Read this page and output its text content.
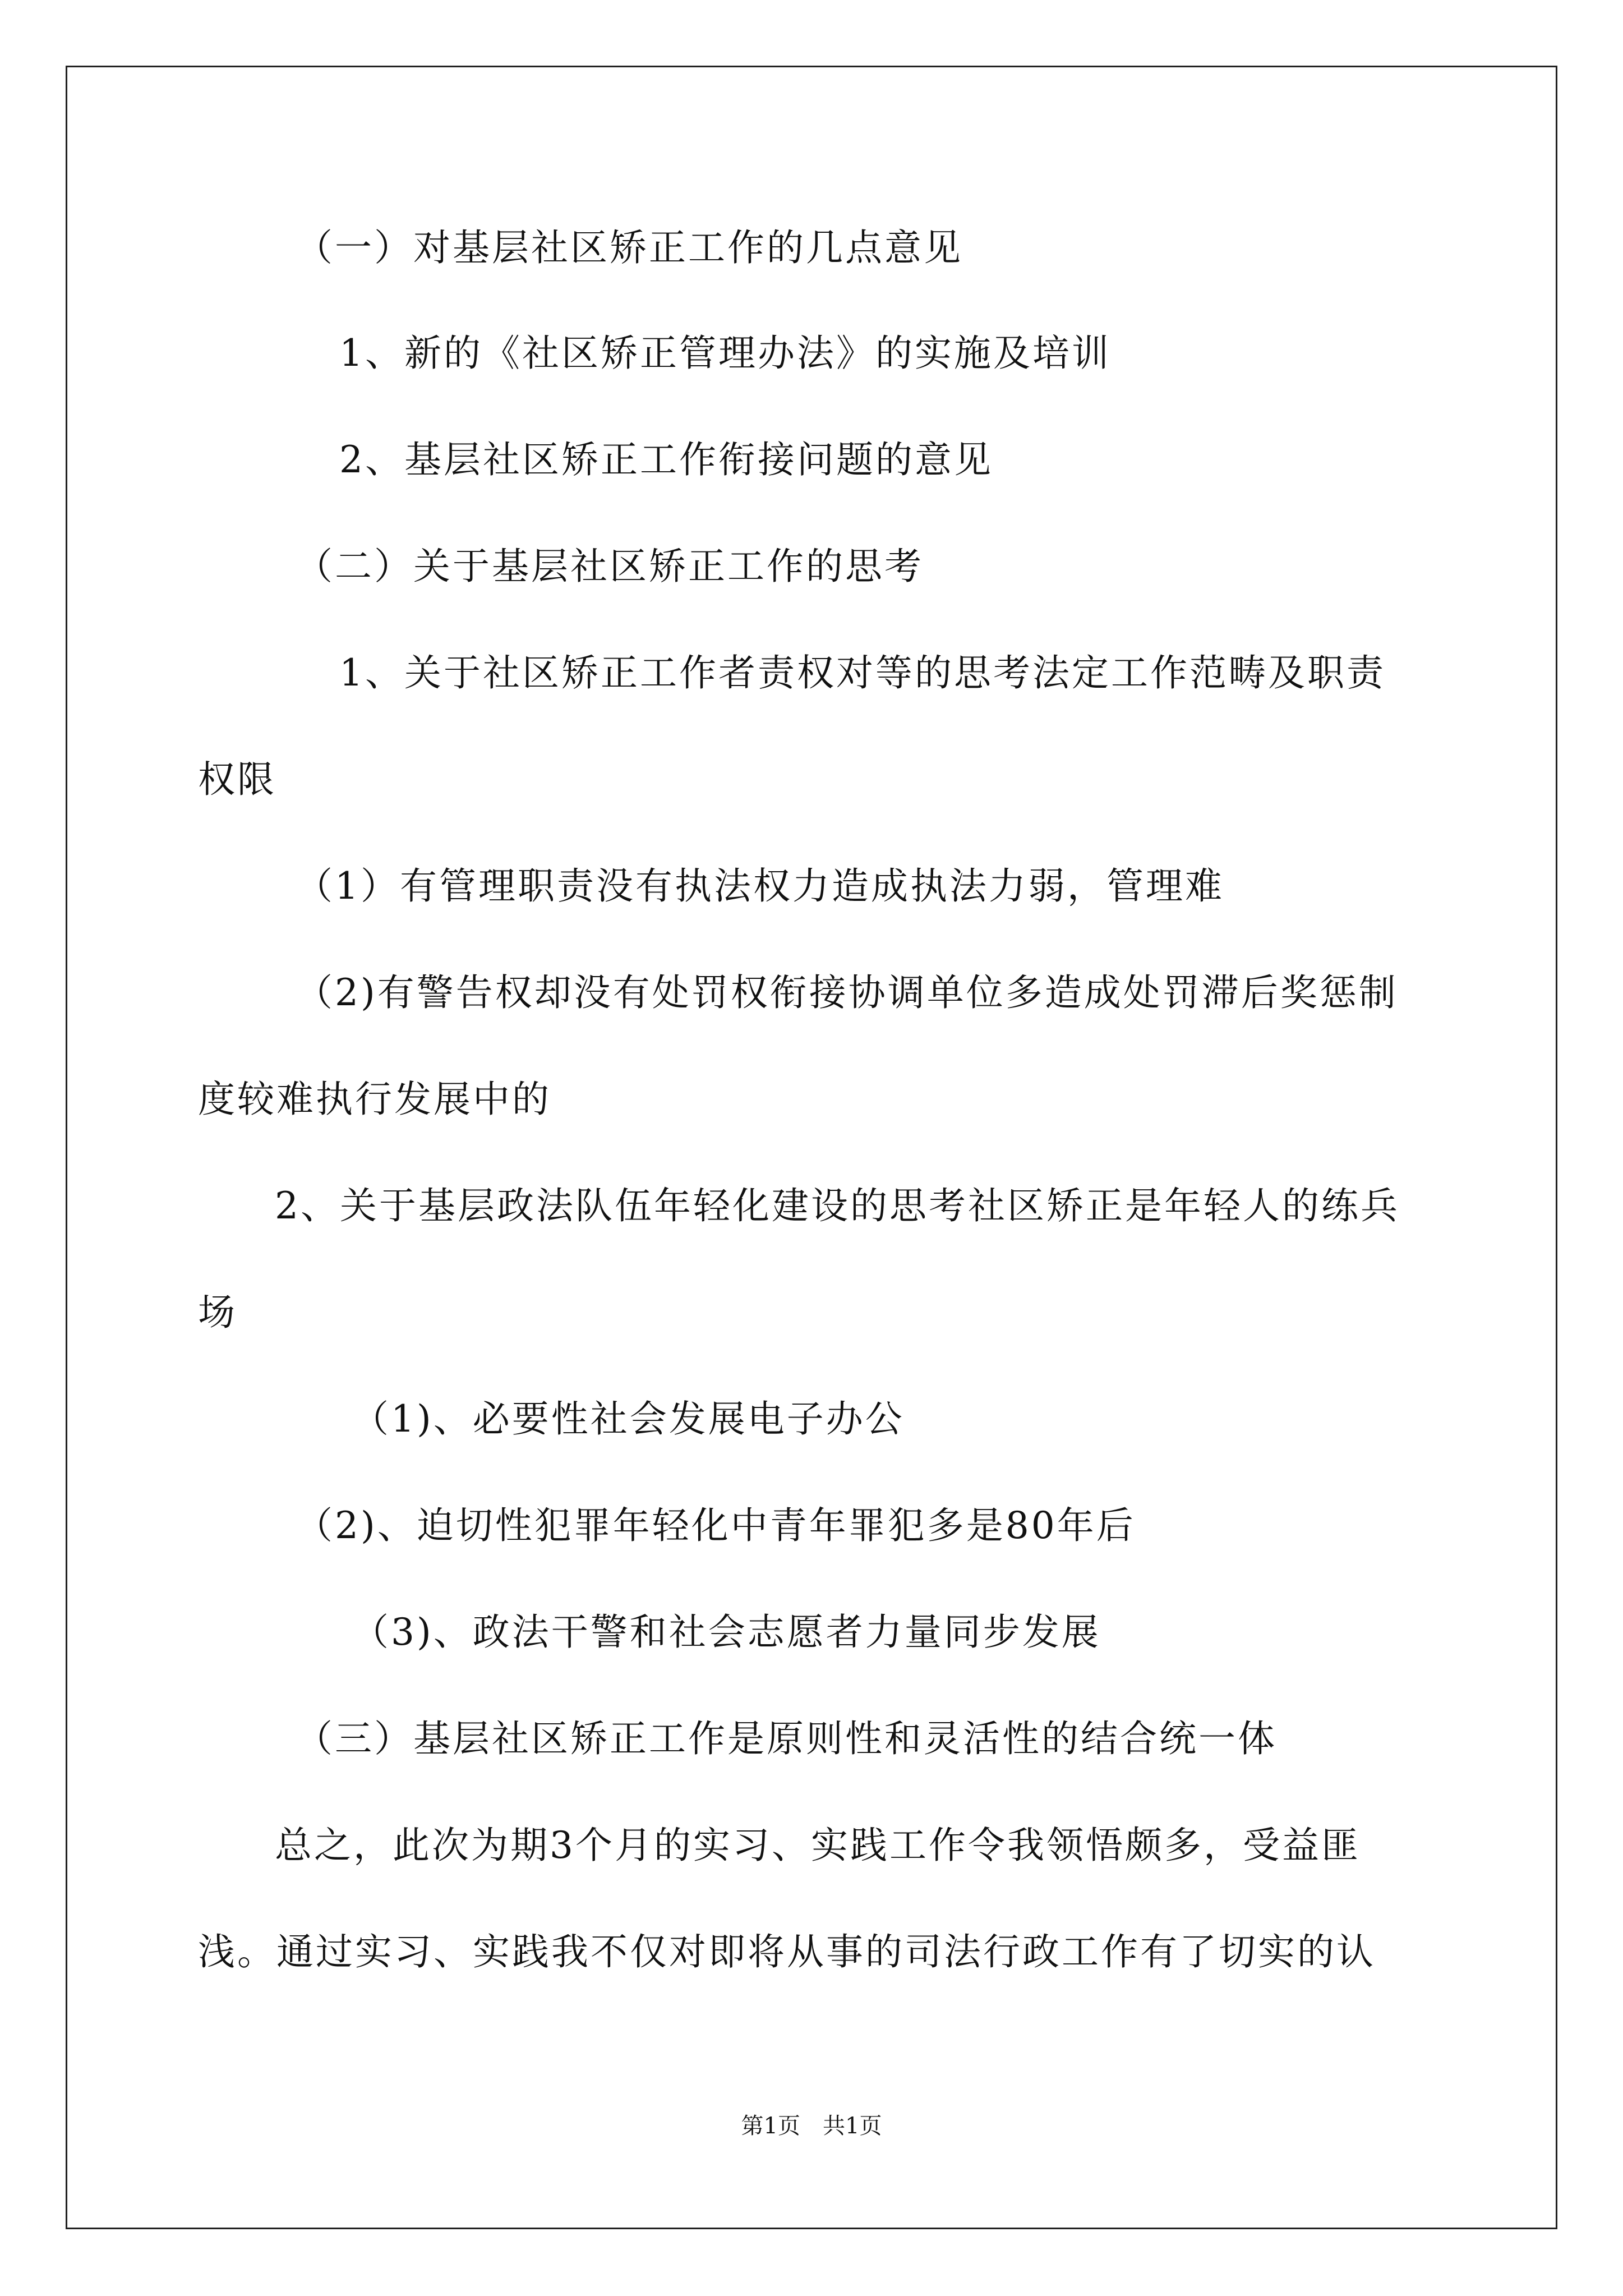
（一）对基层社区矫正工作的几点意见
1、新的《社区矫正管理办法》的实施及培训
2、基层社区矫正工作衔接问题的意见
（二）关于基层社区矫正工作的思考
1、关于社区矫正工作者责权对等的思考法定工作范畴及职责
权限
（1）有管理职责没有执法权力造成执法力弱，管理难
（2)有警告权却没有处罚权衔接协调单位多造成处罚滞后奖惩制
度较难执行发展中的
2、关于基层政法队伍年轻化建设的思考社区矫正是年轻人的练兵
场
（1)、必要性社会发展电子办公
（2)、迫切性犯罪年轻化中青年罪犯多是80年后
（3)、政法干警和社会志愿者力量同步发展
（三）基层社区矫正工作是原则性和灵活性的结合统一体
总之，此次为期3个月的实习、实践工作令我领悟颇多，受益匪
浅。通过实习、实践我不仅对即将从事的司法行政工作有了切实的认
第1页　共1页
